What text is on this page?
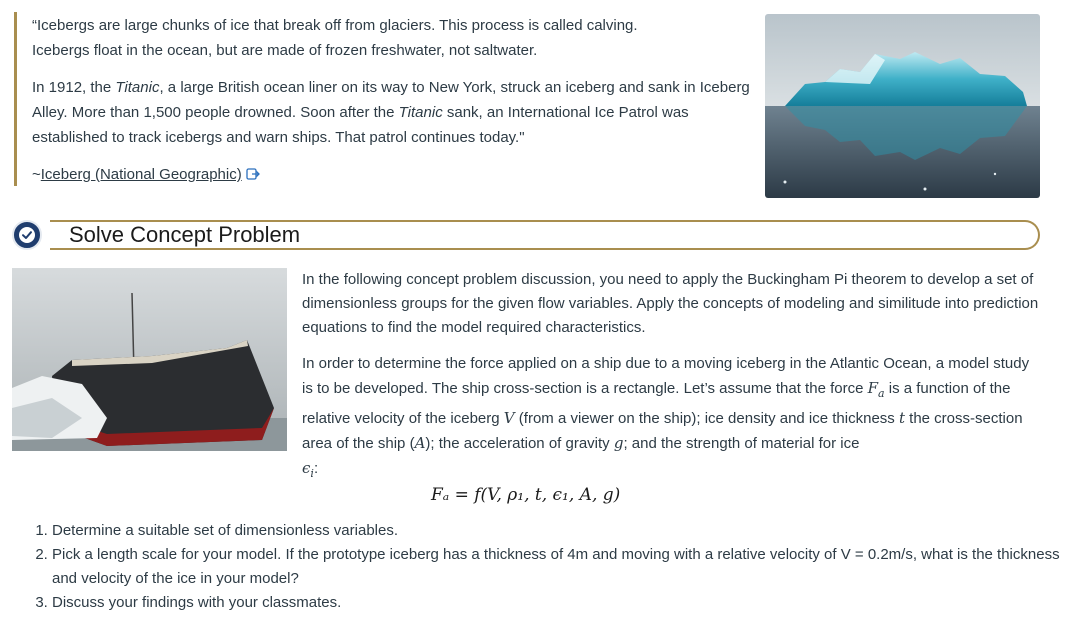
“Icebergs are large chunks of ice that break off from glaciers. This process is called calving. Icebergs float in the ocean, but are made of frozen freshwater, not saltwater.

In 1912, the Titanic, a large British ocean liner on its way to New York, struck an iceberg and sank in Iceberg Alley. More than 1,500 people drowned. Soon after the Titanic sank, an International Ice Patrol was established to track icebergs and warn ships. That patrol continues today."

~Iceberg (National Geographic)

Solve Concept Problem

In the following concept problem discussion, you need to apply the Buckingham Pi theorem to develop a set of dimensionless groups for the given flow variables. Apply the concepts of modeling and similitude into prediction equations to find the model required characteristics.

In order to determine the force applied on a ship due to a moving iceberg in the Atlantic Ocean, a model study is to be developed. The ship cross-section is a rectangle. Let’s assume that the force $F_a$ is a function of the relative velocity of the iceberg V (from a viewer on the ship); ice density and ice thickness t the cross-section area of the ship (A); the acceleration of gravity g; and the strength of material for ice
$\epsilon_i$:

Fₐ = f(V, ρ₁, t, ϵ₁, A, g)
1. Determine a suitable set of dimensionless variables.
2. Pick a length scale for your model. If the prototype iceberg has a thickness of 4m and moving with a relative velocity of V = 0.2m/s, what is the thickness and velocity of the ice in your model?
3. Discuss your findings with your classmates.
